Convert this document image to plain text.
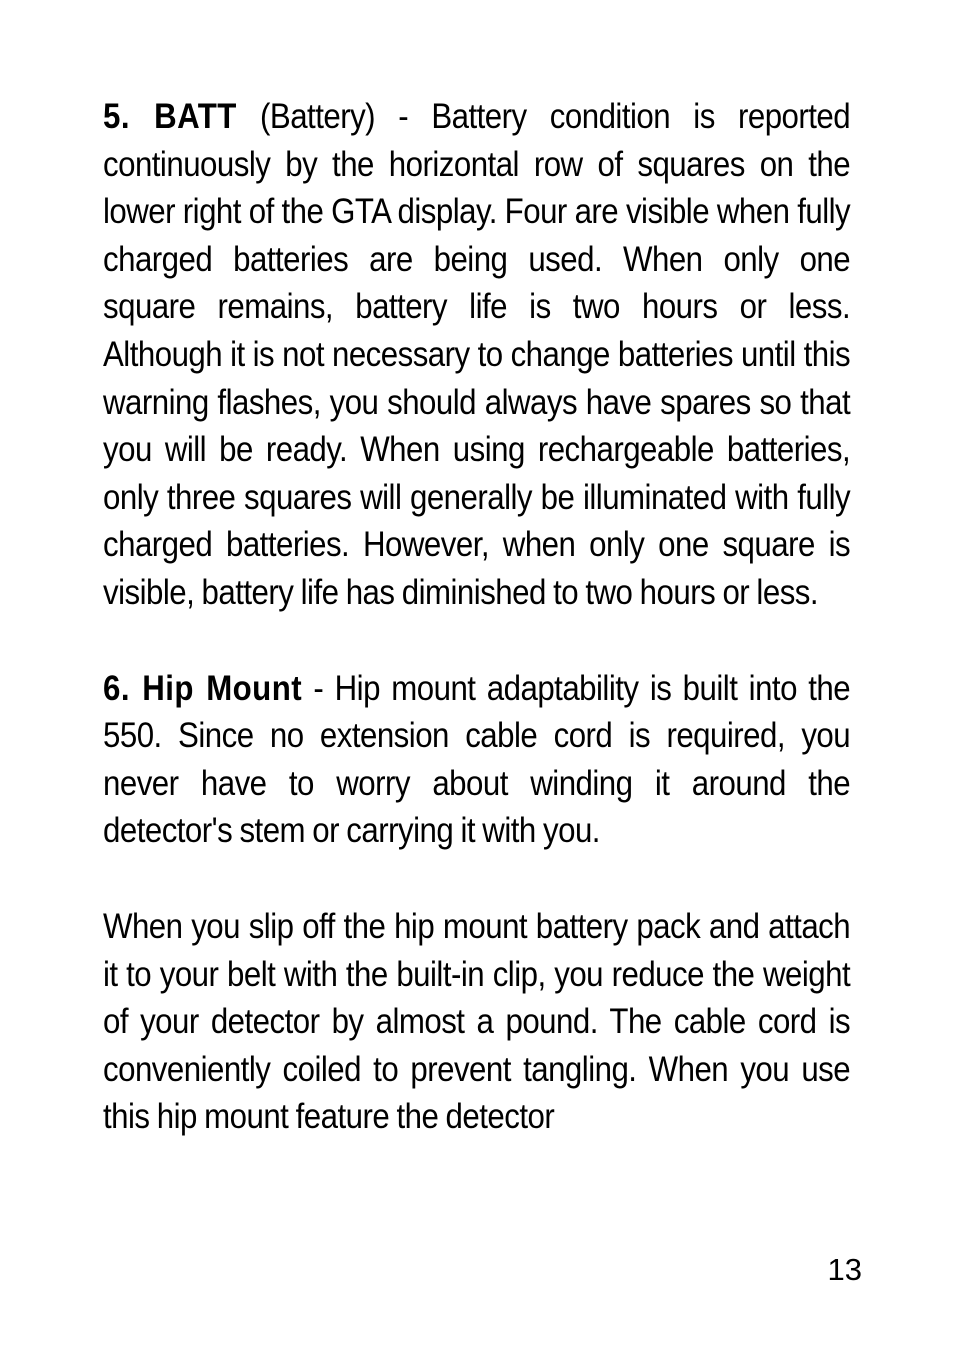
5. BATT (Battery) - Battery condition is reported continuously by the horizontal row of squares on the lower right of the GTA display. Four are visible when fully charged batteries are being used. When only one square remains, battery life is two hours or less. Although it is not necessary to change batteries until this warning flashes, you should always have spares so that you will be ready. When using rechargeable batteries, only three squares will generally be illuminated with fully charged batteries. However, when only one square is visible, battery life has diminished to two hours or less.

6. Hip Mount - Hip mount adaptability is built into the 550. Since no extension cable cord is required, you never have to worry about winding it around the detector's stem or carrying it with you.

When you slip off the hip mount battery pack and attach it to your belt with the built-in clip, you reduce the weight of your detector by almost a pound. The cable cord is conveniently coiled to prevent tangling. When you use this hip mount feature the detector

13
